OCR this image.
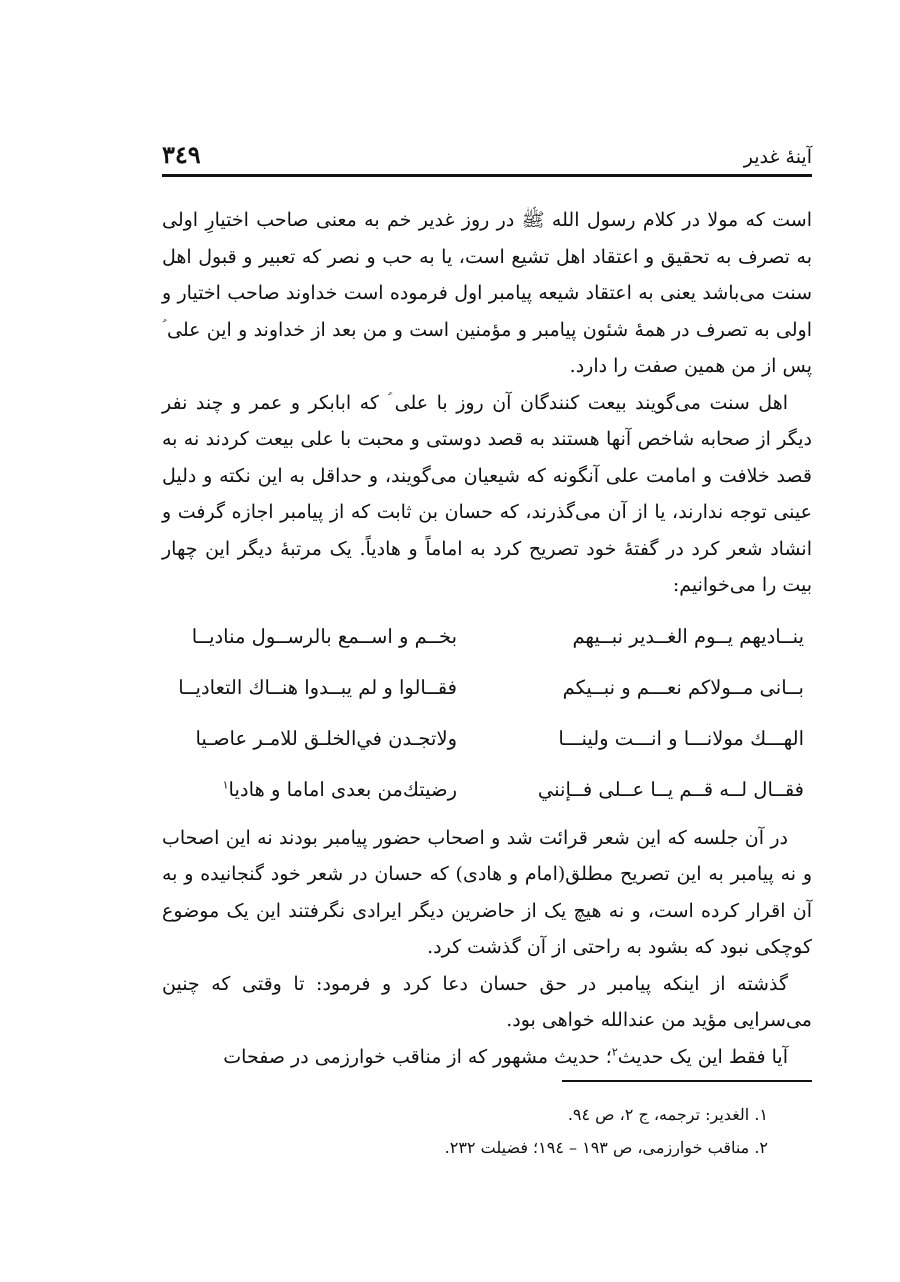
آینهٔ غدیر
۳٤۹

است که مولا در کلام رسول الله ﷺ در روز غدیر خم به معنی صاحب اختیارِ اولی به تصرف به تحقیق و اعتقاد اهل تشیع است، یا به حب و نصر که تعبیر و قبول اهل سنت می‌باشد یعنی به اعتقاد شیعه پیامبر اول فرموده است خداوند صاحب اختیار و اولی به تصرف در همهٔ شئون پیامبر و مؤمنین است و من بعد از خداوند و این علی ؑ پس از من همین صفت را دارد.

اهل سنت می‌گویند بیعت کنندگان آن روز با علی ؑ که ابابکر و عمر و چند نفر دیگر از صحابه شاخص آنها هستند به قصد دوستی و محبت با علی بیعت کردند نه به قصد خلافت و امامت علی آنگونه که شیعیان می‌گویند، و حداقل به این نکته و دلیل عینی توجه ندارند، یا از آن می‌گذرند، که حسان بن ثابت که از پیامبر اجازه گرفت و انشاد شعر کرد در گفتهٔ خود تصریح کرد به اماماً و هادیاً. یک مرتبهٔ دیگر این چهار بیت را می‌خوانیم:

ینــادیهم یــوم الغــدیر نبــیهم
بخــم و اســمع بالرســول منادیــا
بــانی مــولاکم نعـــم و نبــیکم
فقــالوا و لم یبــدوا هنــاك التعادیــا
الهـــك مولانـــا و انـــت ولینـــا
ولاتجـدن في‌الخلـق للامـر عاصـیا
فقــال لــه قــم یــا عــلی فــإنني
رضیتك‌من بعدی اماما و هادیا$^۱$

در آن جلسه که این شعر قرائت شد و اصحاب حضور پیامبر بودند نه این اصحاب و نه پیامبر به این تصریح مطلق(امام و هادی) که حسان در شعر خود گنجانیده و به آن اقرار کرده است، و نه هیچ یک از حاضرین دیگر ایرادی نگرفتند این یک موضوع کوچکی نبود که بشود به راحتی از آن گذشت کرد.

گذشته از اینکه پیامبر در حق حسان دعا کرد و فرمود: تا وقتی که چنین می‌سرایی مؤید من عندالله خواهی بود.

آیا فقط این یک حدیث$^۲$؛ حدیث مشهور که از مناقب خوارزمی در صفحات

۱. الغدیر: ترجمه، ج ۲، ص ۹٤.

۲. مناقب خوارزمی، ص ۱۹۳ – ۱۹٤؛ فضیلت ۲۳۲.
